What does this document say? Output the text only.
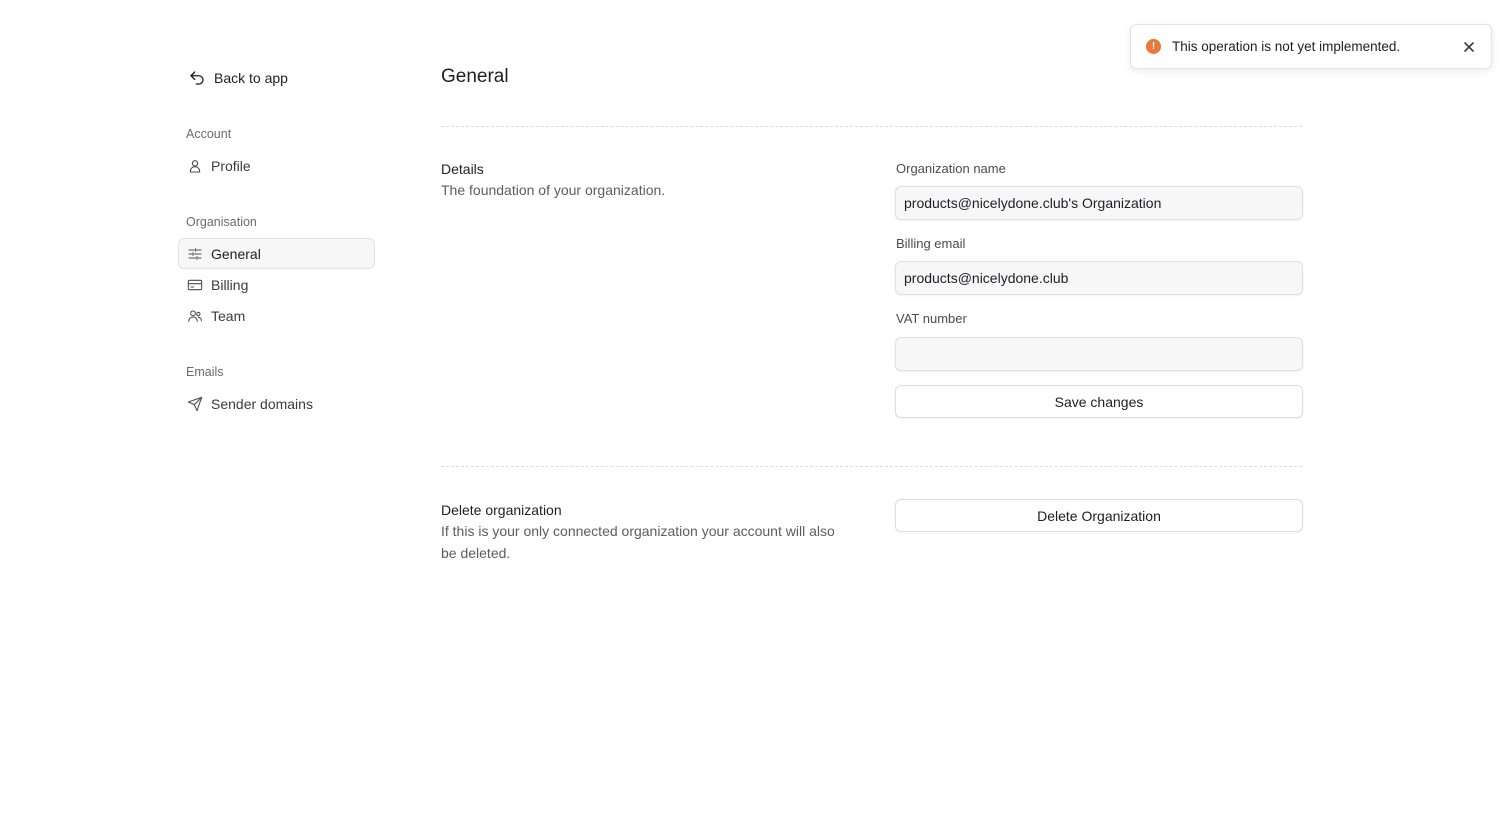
Back to app
Account
Profile
Organisation
General
Billing
Team
Emails
Sender domains
General
Details
The foundation of your organization.
Organization name
products@nicelydone.club's Organization
Billing email
products@nicelydone.club
VAT number
Save changes
Delete organization
If this is your only connected organization your account will also be deleted.
Delete Organization
!	This operation is not yet implemented.
